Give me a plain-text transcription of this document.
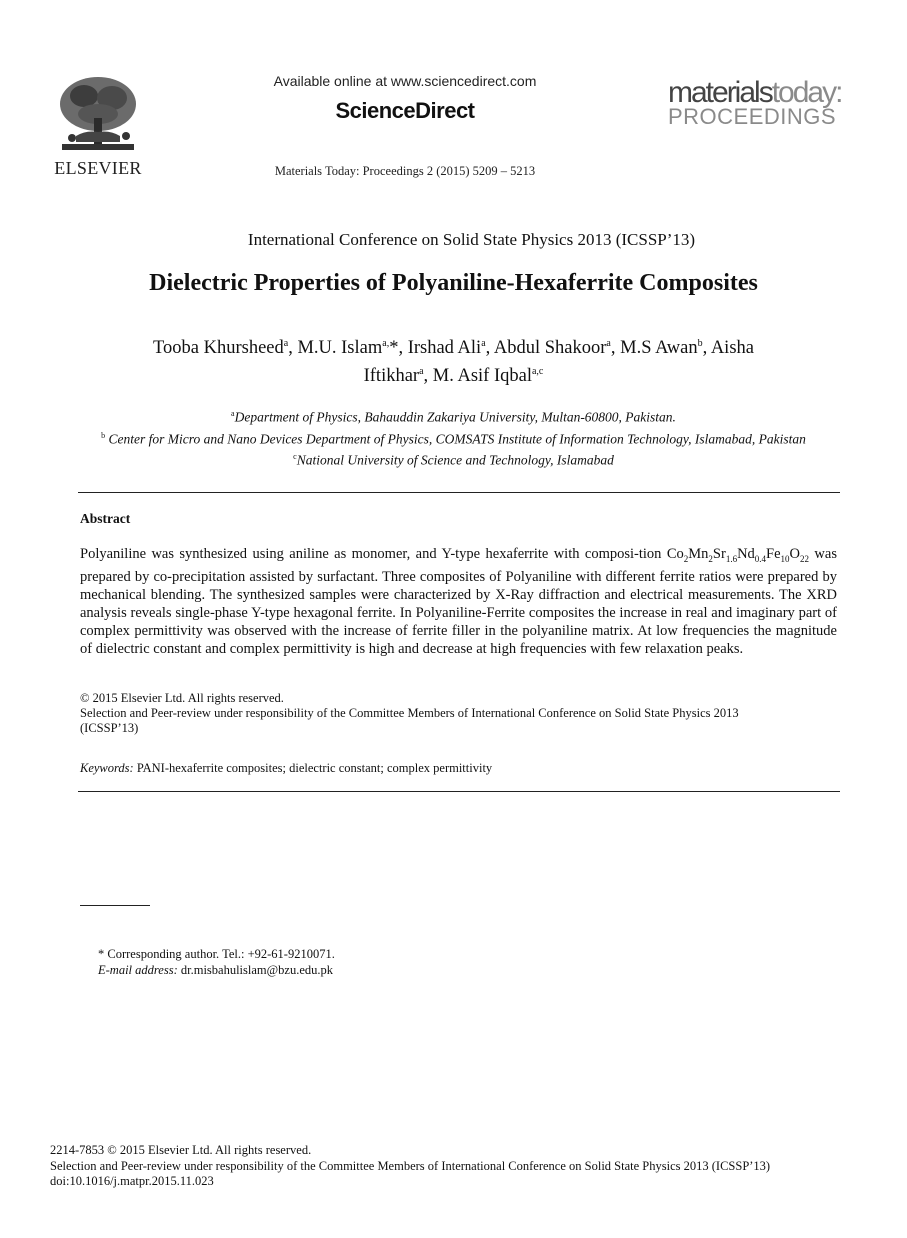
ELSEVIER
Available online at www.sciencedirect.com
ScienceDirect
Materials Today: Proceedings 2 (2015) 5209 – 5213
materialstoday:
PROCEEDINGS
International Conference on Solid State Physics 2013 (ICSSP’13)
Dielectric Properties of Polyaniline-Hexaferrite Composites
Tooba Khursheed$^a$, M.U. Islam$^{a,}$*, Irshad Ali$^a$, Abdul Shakoor$^a$, M.S Awan$^b$, Aisha
Iftikhar$^a$, M. Asif Iqbal$^{a,c}$
$^a$Department of Physics, Bahauddin Zakariya University, Multan-60800, Pakistan.
$^b$ Center for Micro and Nano Devices Department of Physics, COMSATS Institute of Information Technology, Islamabad, Pakistan
$^c$National University of Science and Technology, Islamabad
Abstract
Polyaniline was synthesized using aniline as monomer, and Y-type hexaferrite with composi-tion $Co_2Mn_2Sr_{1.6}Nd_{0.4}Fe_{10}O_{22}$ was prepared by co-precipitation assisted by surfactant. Three composites of Polyaniline with different ferrite ratios were prepared by mechanical blending. The synthesized samples were characterized by X-Ray diffraction and electrical measurements. The XRD analysis reveals single-phase Y-type hexagonal ferrite. In Polyaniline-Ferrite composites the increase in real and imaginary part of complex permittivity was observed with the increase of ferrite filler in the polyaniline matrix. At low frequencies the magnitude of dielectric constant and complex permittivity is high and decrease at high frequencies with few relaxation peaks.
© 2015 Elsevier Ltd. All rights reserved.
Selection and Peer-review under responsibility of the Committee Members of International Conference on Solid State Physics 2013 (ICSSP’13)
Keywords: PANI-hexaferrite composites; dielectric constant; complex permittivity
* Corresponding author. Tel.: +92-61-9210071.
E-mail address: dr.misbahulislam@bzu.edu.pk
2214-7853 © 2015 Elsevier Ltd. All rights reserved.
Selection and Peer-review under responsibility of the Committee Members of International Conference on Solid State Physics 2013 (ICSSP’13)
doi:10.1016/j.matpr.2015.11.023
